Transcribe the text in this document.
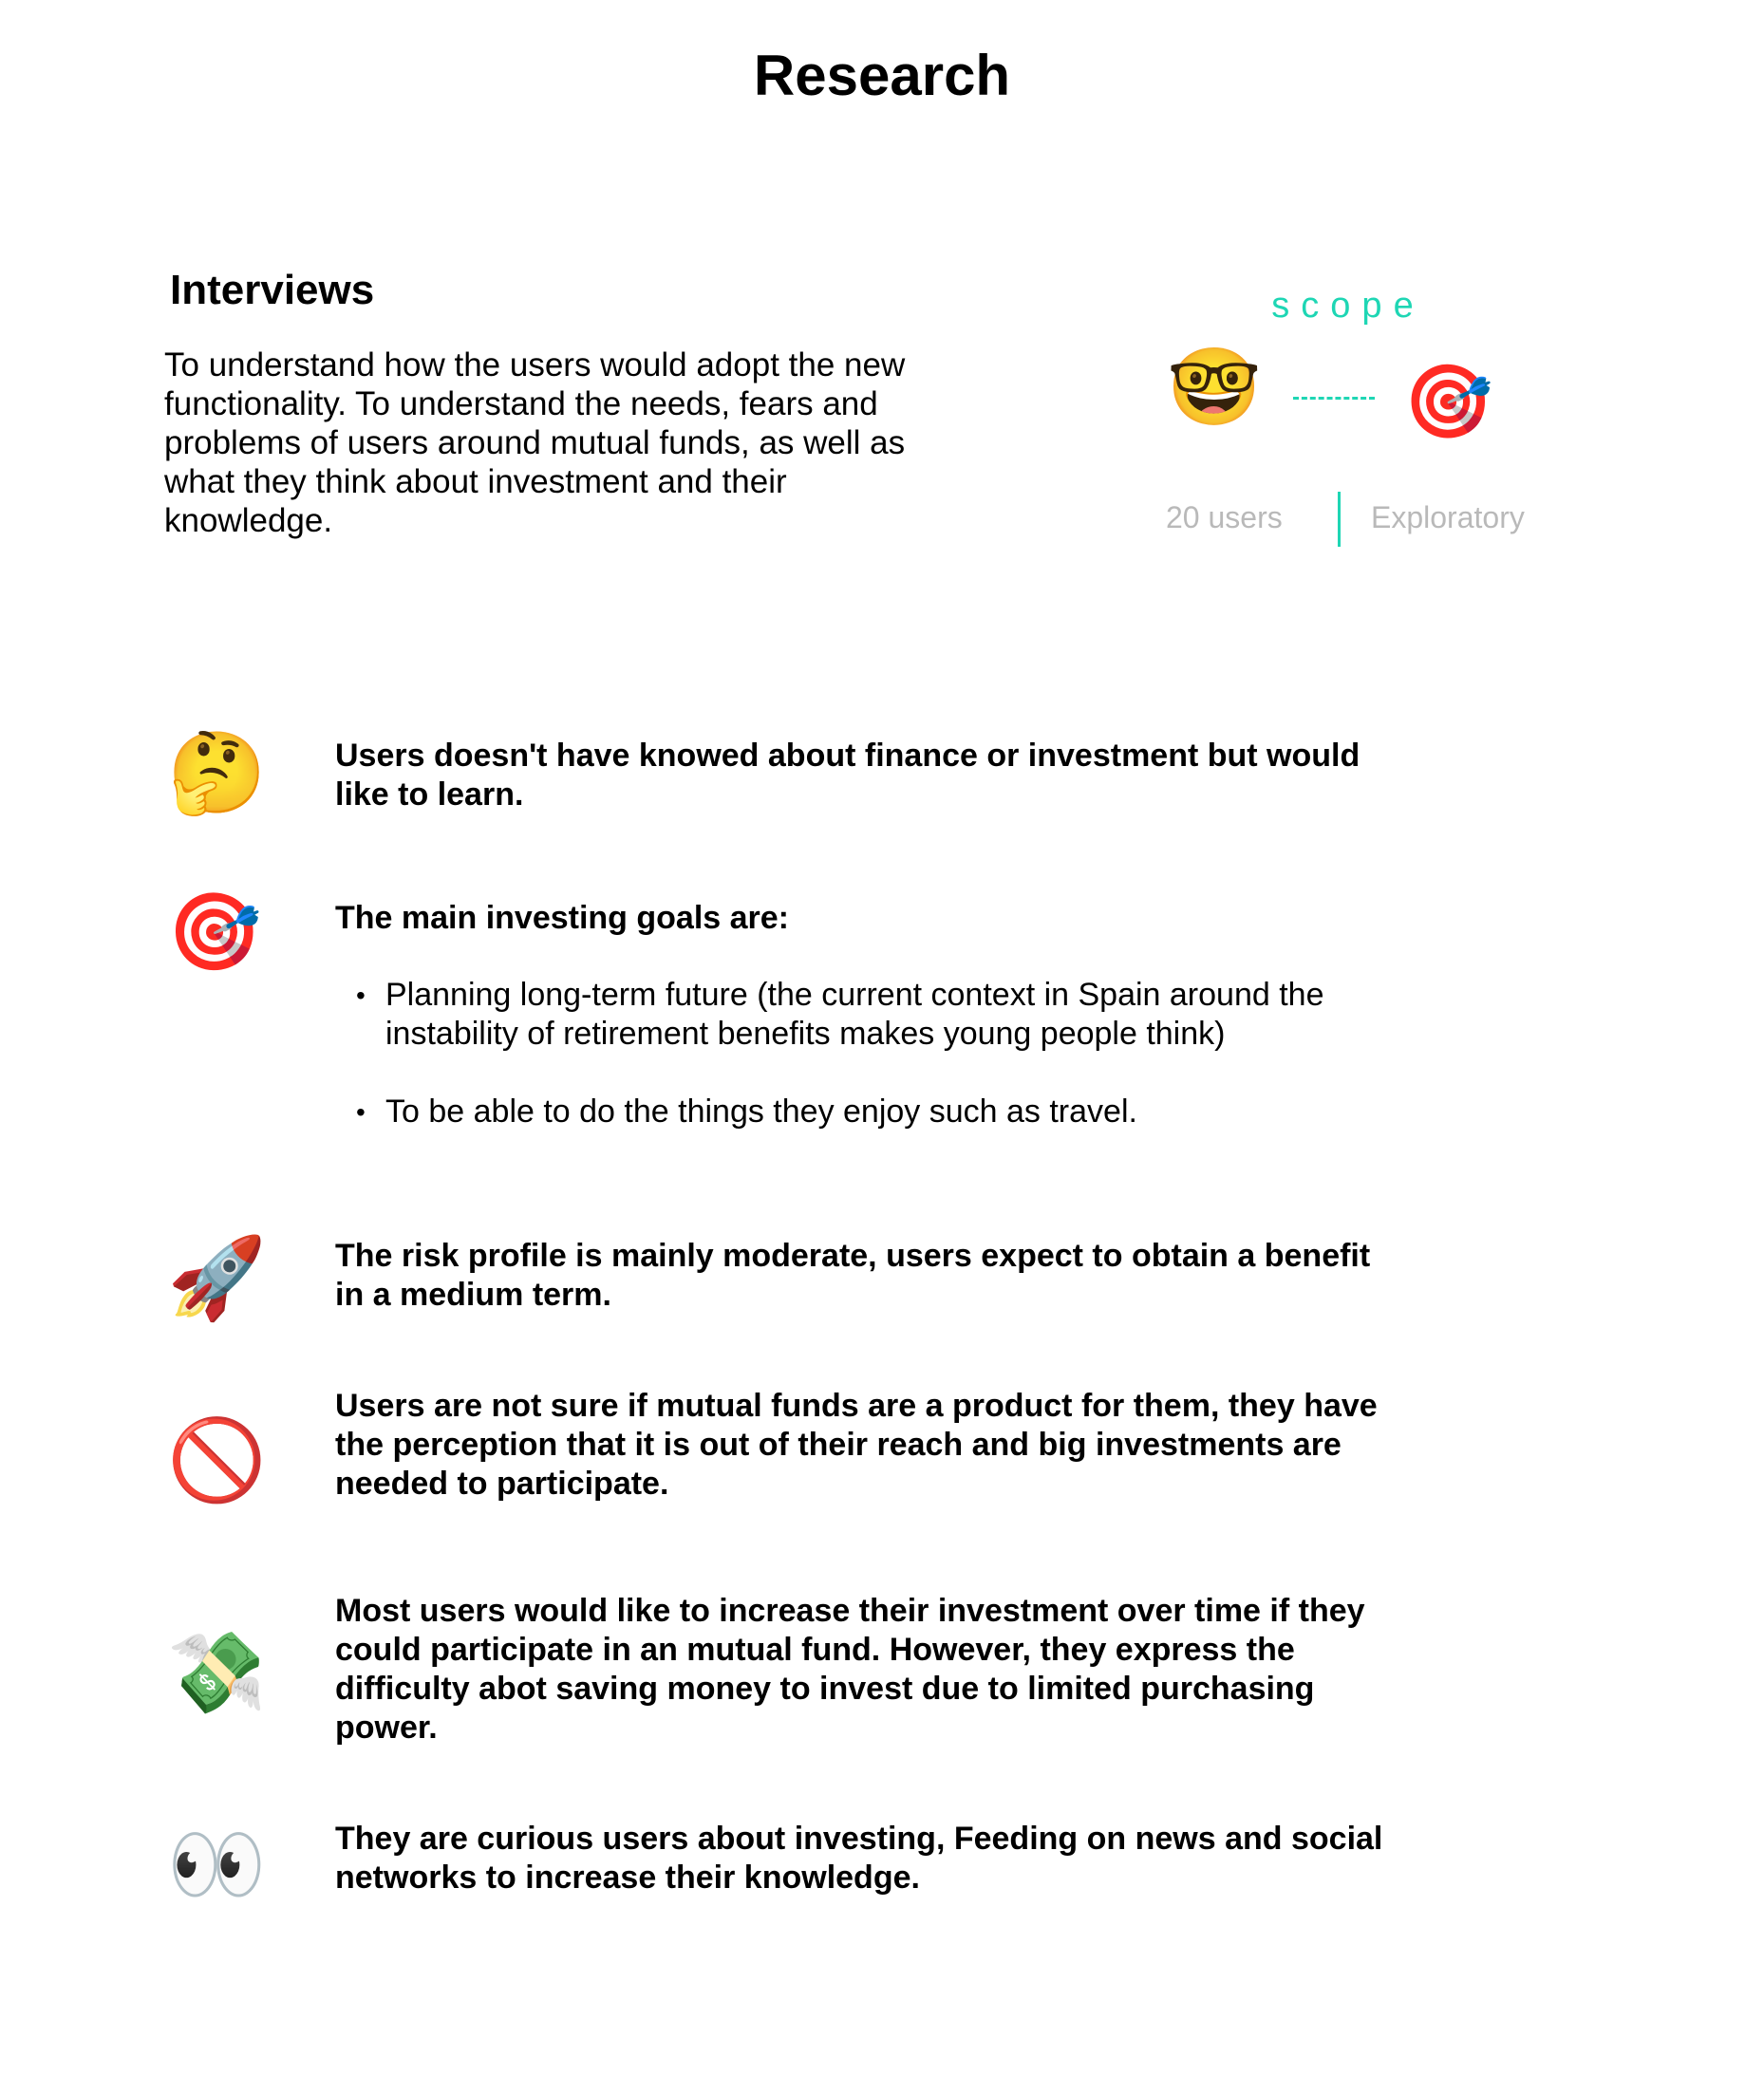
Research
Interviews

To understand how the users would adopt the new functionality. To understand the needs, fears and problems of users around mutual funds, as well as what they think about investment and their knowledge.

scope
🤓 🎯
20 users	Exploratory
🤔 Users doesn't have knowed about finance or investment but would like to learn.

🎯 The main investing goals are:

• Planning long-term future (the current context in Spain around the instability of retirement benefits makes young people think)
• To be able to do the things they enjoy such as travel.
🚀 The risk profile is mainly moderate, users expect to obtain a benefit in a medium term.

🚫

Users are not sure if mutual funds are a product for them, they have the perception that it is out of their reach and big investments are needed to participate.

💸

Most users would like to increase their investment over time if they could participate in an mutual fund. However, they express the difficulty abot saving money to invest due to limited purchasing power.

👀 They are curious users about investing, Feeding on news and social networks to increase their knowledge.
